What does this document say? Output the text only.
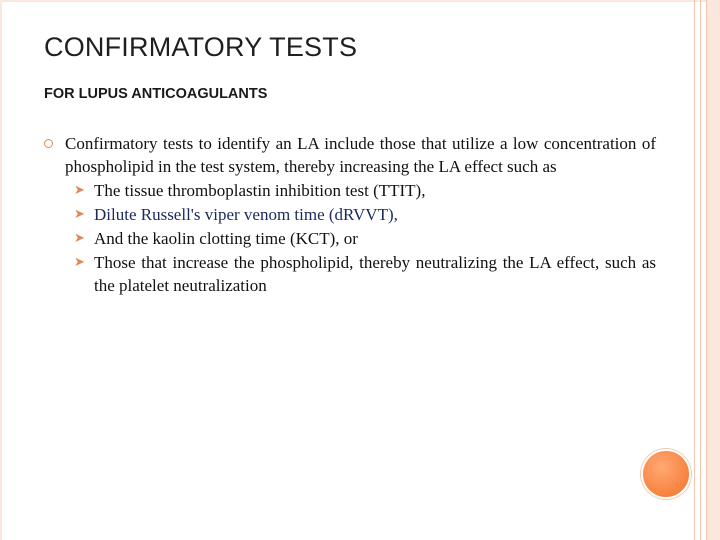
CONFIRMATORY TESTS
FOR LUPUS ANTICOAGULANTS
Confirmatory tests to identify an LA include those that utilize a low concentration of phospholipid in the test system, thereby increasing the LA effect such as
➤ The tissue thromboplastin inhibition test (TTIT),
➤ Dilute Russell's viper venom time (dRVVT),
➤ And the kaolin clotting time (KCT), or
➤ Those that increase the phospholipid, thereby neutralizing the LA effect, such as the platelet neutralization
